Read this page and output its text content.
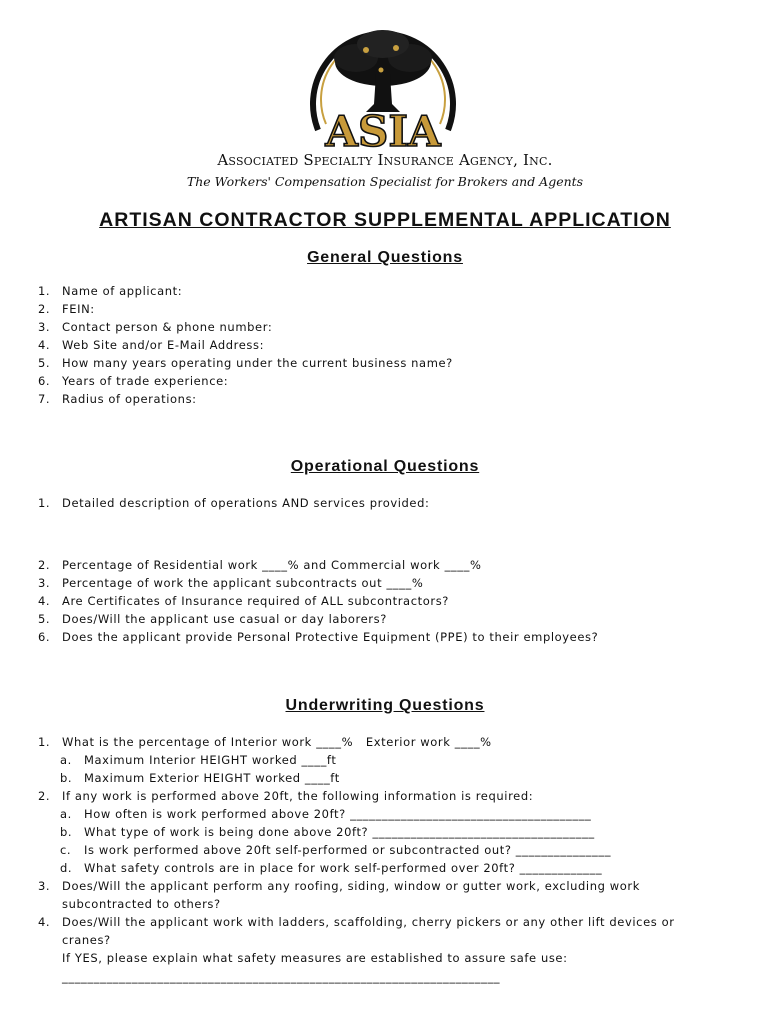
ASIA
Associated Specialty Insurance Agency, Inc.
The Workers' Compensation Specialist for Brokers and Agents
ARTISAN CONTRACTOR SUPPLEMENTAL APPLICATION
General Questions
1. Name of applicant:
2. FEIN:
3. Contact person & phone number:
4. Web Site and/or E-Mail Address:
5. How many years operating under the current business name?
6. Years of trade experience:
7. Radius of operations:
Operational Questions
1. Detailed description of operations AND services provided:
2. Percentage of Residential work ____% and Commercial work ____%
3. Percentage of work the applicant subcontracts out ____%
4. Are Certificates of Insurance required of ALL subcontractors?
5. Does/Will the applicant use casual or day laborers?
6. Does the applicant provide Personal Protective Equipment (PPE) to their employees?
Underwriting Questions
1. What is the percentage of Interior work ____%   Exterior work ____%
a. Maximum Interior HEIGHT worked ____ft
b. Maximum Exterior HEIGHT worked ____ft
2. If any work is performed above 20ft, the following information is required:
a. How often is work performed above 20ft? ______________________________________
b. What type of work is being done above 20ft? ___________________________________
c. Is work performed above 20ft self-performed or subcontracted out? _______________
d. What safety controls are in place for work self-performed over 20ft? _____________
3. Does/Will the applicant perform any roofing, siding, window or gutter work, excluding work subcontracted to others?
4. Does/Will the applicant work with ladders, scaffolding, cherry pickers or any other lift devices or cranes?
If YES, please explain what safety measures are established to assure safe use:
_____________________________________________________________________
